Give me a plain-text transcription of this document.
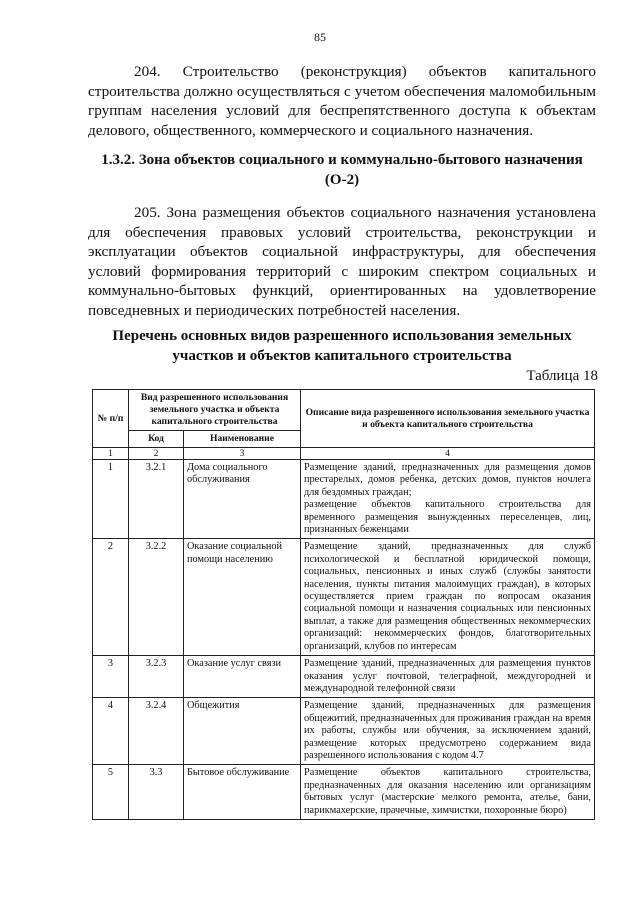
85

204. Строительство (реконструкция) объектов капитального строительства должно осуществляться с учетом обеспечения маломобильным группам населения условий для беспрепятственного доступа к объектам делового, общественного, коммерческого и социального назначения.

1.3.2. Зона объектов социального и коммунально-бытового назначения (О-2)

205. Зона размещения объектов социального назначения установлена для обеспечения правовых условий строительства, реконструкции и эксплуатации объектов социальной инфраструктуры, для обеспечения условий формирования территорий с широким спектром социальных и коммунально-бытовых функций, ориентированных на удовлетворение повседневных и периодических потребностей населения.

Перечень основных видов разрешенного использования земельных участков и объектов капитального строительства

Таблица 18
№ п/п	Вид разрешенного использования земельного участка и объекта капитального строительства		Описание вида разрешенного использования земельного участка и объекта капитального строительства
	Код	Наименование	
1	2	3	4
1	3.2.1	Дома социального обслуживания	Размещение зданий, предназначенных для размещения домов престарелых, домов ребенка, детских домов, пунктов ночлега для бездомных граждан;
размещение объектов капитального строительства для временного размещения вынужденных переселенцев, лиц, признанных беженцами

2	3.2.2	Оказание социальной помощи населению	Размещение зданий, предназначенных для служб психологической и бесплатной юридической помощи, социальных, пенсионных и иных служб (службы занятости населения, пункты питания малоимущих граждан), в которых осуществляется прием граждан по вопросам оказания социальной помощи и назначения социальных или пенсионных выплат, а также для размещения общественных некоммерческих организаций: некоммерческих фондов, благотворительных организаций, клубов по интересам

3	3.2.3	Оказание услуг связи	Размещение зданий, предназначенных для размещения пунктов оказания услуг почтовой, телеграфной, междугородней и международной телефонной связи

4	3.2.4	Общежития	Размещение зданий, предназначенных для размещения общежитий, предназначенных для проживания граждан на время их работы, службы или обучения, за исключением зданий, размещение которых предусмотрено содержанием вида разрешенного использования с кодом 4.7

5	3.3	Бытовое обслуживание	Размещение объектов капитального строительства, предназначенных для оказания населению или организациям бытовых услуг (мастерские мелкого ремонта, ателье, бани, парикмахерские, прачечные, химчистки, похоронные бюро)
